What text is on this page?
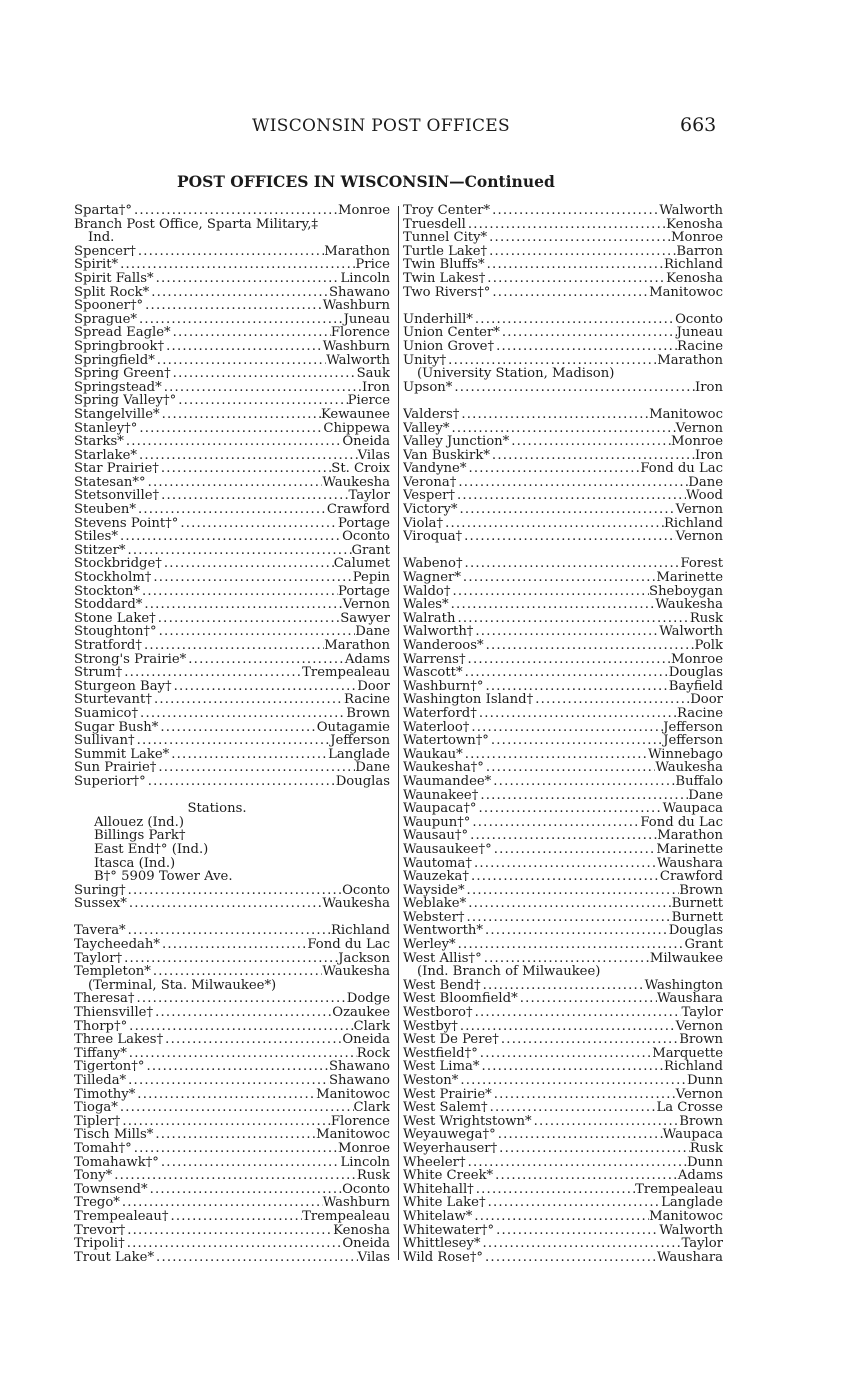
WISCONSIN POST OFFICES	663
POST OFFICES IN WISCONSIN—Continued
Sparta†° .....	Monroe
Branch Post Office, Sparta Military,‡
Ind.
Spencer† .....	Marathon
Spirit* .....	Price
Spirit Falls* .....	Lincoln
Split Rock* .....	Shawano
Spooner†° .....	Washburn
Sprague* .....	Juneau
Spread Eagle* .....	Florence
Springbrook† .....	Washburn
Springfield* .....	Walworth
Spring Green† .....	Sauk
Springstead* .....	Iron
Spring Valley†° .....	Pierce
Stangelville* .....	Kewaunee
Stanley†° .....	Chippewa
Starks* .....	Oneida
Starlake* .....	Vilas
Star Prairie† .....	St. Croix
Statesan*° .....	Waukesha
Stetsonville† .....	Taylor
Steuben* .....	Crawford
Stevens Point†° .....	Portage
Stiles* .....	Oconto
Stitzer* .....	Grant
Stockbridge† .....	Calumet
Stockholm† .....	Pepin
Stockton* .....	Portage
Stoddard* .....	Vernon
Stone Lake† .....	Sawyer
Stoughton†° .....	Dane
Stratford† .....	Marathon
Strong's Prairie* .....	Adams
Strum† .....	Trempealeau
Sturgeon Bay† .....	Door
Sturtevant† .....	Racine
Suamico† .....	Brown
Sugar Bush* .....	Outagamie
Sullivan† .....	Jefferson
Summit Lake* .....	Langlade
Sun Prairie† .....	Dane
Superior†° .....	Douglas
Stations.
Allouez (Ind.)
Billings Park†
East End†° (Ind.)
Itasca (Ind.)
B†° 5909 Tower Ave.
Suring† .....	Oconto
Sussex* .....	Waukesha
Tavera* .....	Richland
Taycheedah* .....	Fond du Lac
Taylor† .....	Jackson
Templeton* .....	Waukesha
(Terminal, Sta. Milwaukee*)
Theresa† .....	Dodge
Thiensville† .....	Ozaukee
Thorp†° .....	Clark
Three Lakes† .....	Oneida
Tiffany* .....	Rock
Tigerton†° .....	Shawano
Tilleda* .....	Shawano
Timothy* .....	Manitowoc
Tioga* .....	Clark
Tipler† .....	Florence
Tisch Mills* .....	Manitowoc
Tomah†° .....	Monroe
Tomahawk†° .....	Lincoln
Tony* .....	Rusk
Townsend* .....	Oconto
Trego* .....	Washburn
Trempealeau† .....	Trempealeau
Trevor† .....	Kenosha
Tripoli† .....	Oneida
Trout Lake* .....	Vilas
Troy Center* .....	Walworth
Truesdell .....	Kenosha
Tunnel City* .....	Monroe
Turtle Lake† .....	Barron
Twin Bluffs* .....	Richland
Twin Lakes† .....	Kenosha
Two Rivers†° .....	Manitowoc
Underhill* .....	Oconto
Union Center* .....	Juneau
Union Grove† .....	Racine
Unity† .....	Marathon
(University Station, Madison)
Upson* .....	Iron
Valders† .....	Manitowoc
Valley* .....	Vernon
Valley Junction* .....	Monroe
Van Buskirk* .....	Iron
Vandyne* .....	Fond du Lac
Verona† .....	Dane
Vesper† .....	Wood
Victory* .....	Vernon
Viola† .....	Richland
Viroqua† .....	Vernon
Wabeno† .....	Forest
Wagner* .....	Marinette
Waldo† .....	Sheboygan
Wales* .....	Waukesha
Walrath .....	Rusk
Walworth† .....	Walworth
Wanderoos* .....	Polk
Warrens† .....	Monroe
Wascott* .....	Douglas
Washburn†° .....	Bayfield
Washington Island† .....	Door
Waterford† .....	Racine
Waterloo† .....	Jefferson
Watertown†° .....	Jefferson
Waukau* .....	Winnebago
Waukesha†° .....	Waukesha
Waumandee* .....	Buffalo
Waunakee† .....	Dane
Waupaca†° .....	Waupaca
Waupun†° .....	Fond du Lac
Wausau†° .....	Marathon
Wausaukee†° .....	Marinette
Wautoma† .....	Waushara
Wauzeka† .....	Crawford
Wayside* .....	Brown
Weblake* .....	Burnett
Webster† .....	Burnett
Wentworth* .....	Douglas
Werley* .....	Grant
West Allis†° .....	Milwaukee
(Ind. Branch of Milwaukee)
West Bend† .....	Washington
West Bloomfield* .....	Waushara
Westboro† .....	Taylor
Westby† .....	Vernon
West De Pere† .....	Brown
Westfield†° .....	Marquette
West Lima* .....	Richland
Weston* .....	Dunn
West Prairie* .....	Vernon
West Salem† .....	La Crosse
West Wrightstown* .....	Brown
Weyauwega†° .....	Waupaca
Weyerhauser† .....	Rusk
Wheeler† .....	Dunn
White Creek* .....	Adams
Whitehall† .....	Trempealeau
White Lake† .....	Langlade
Whitelaw* .....	Manitowoc
Whitewater†° .....	Walworth
Whittlesey* .....	Taylor
Wild Rose†° .....	Waushara
